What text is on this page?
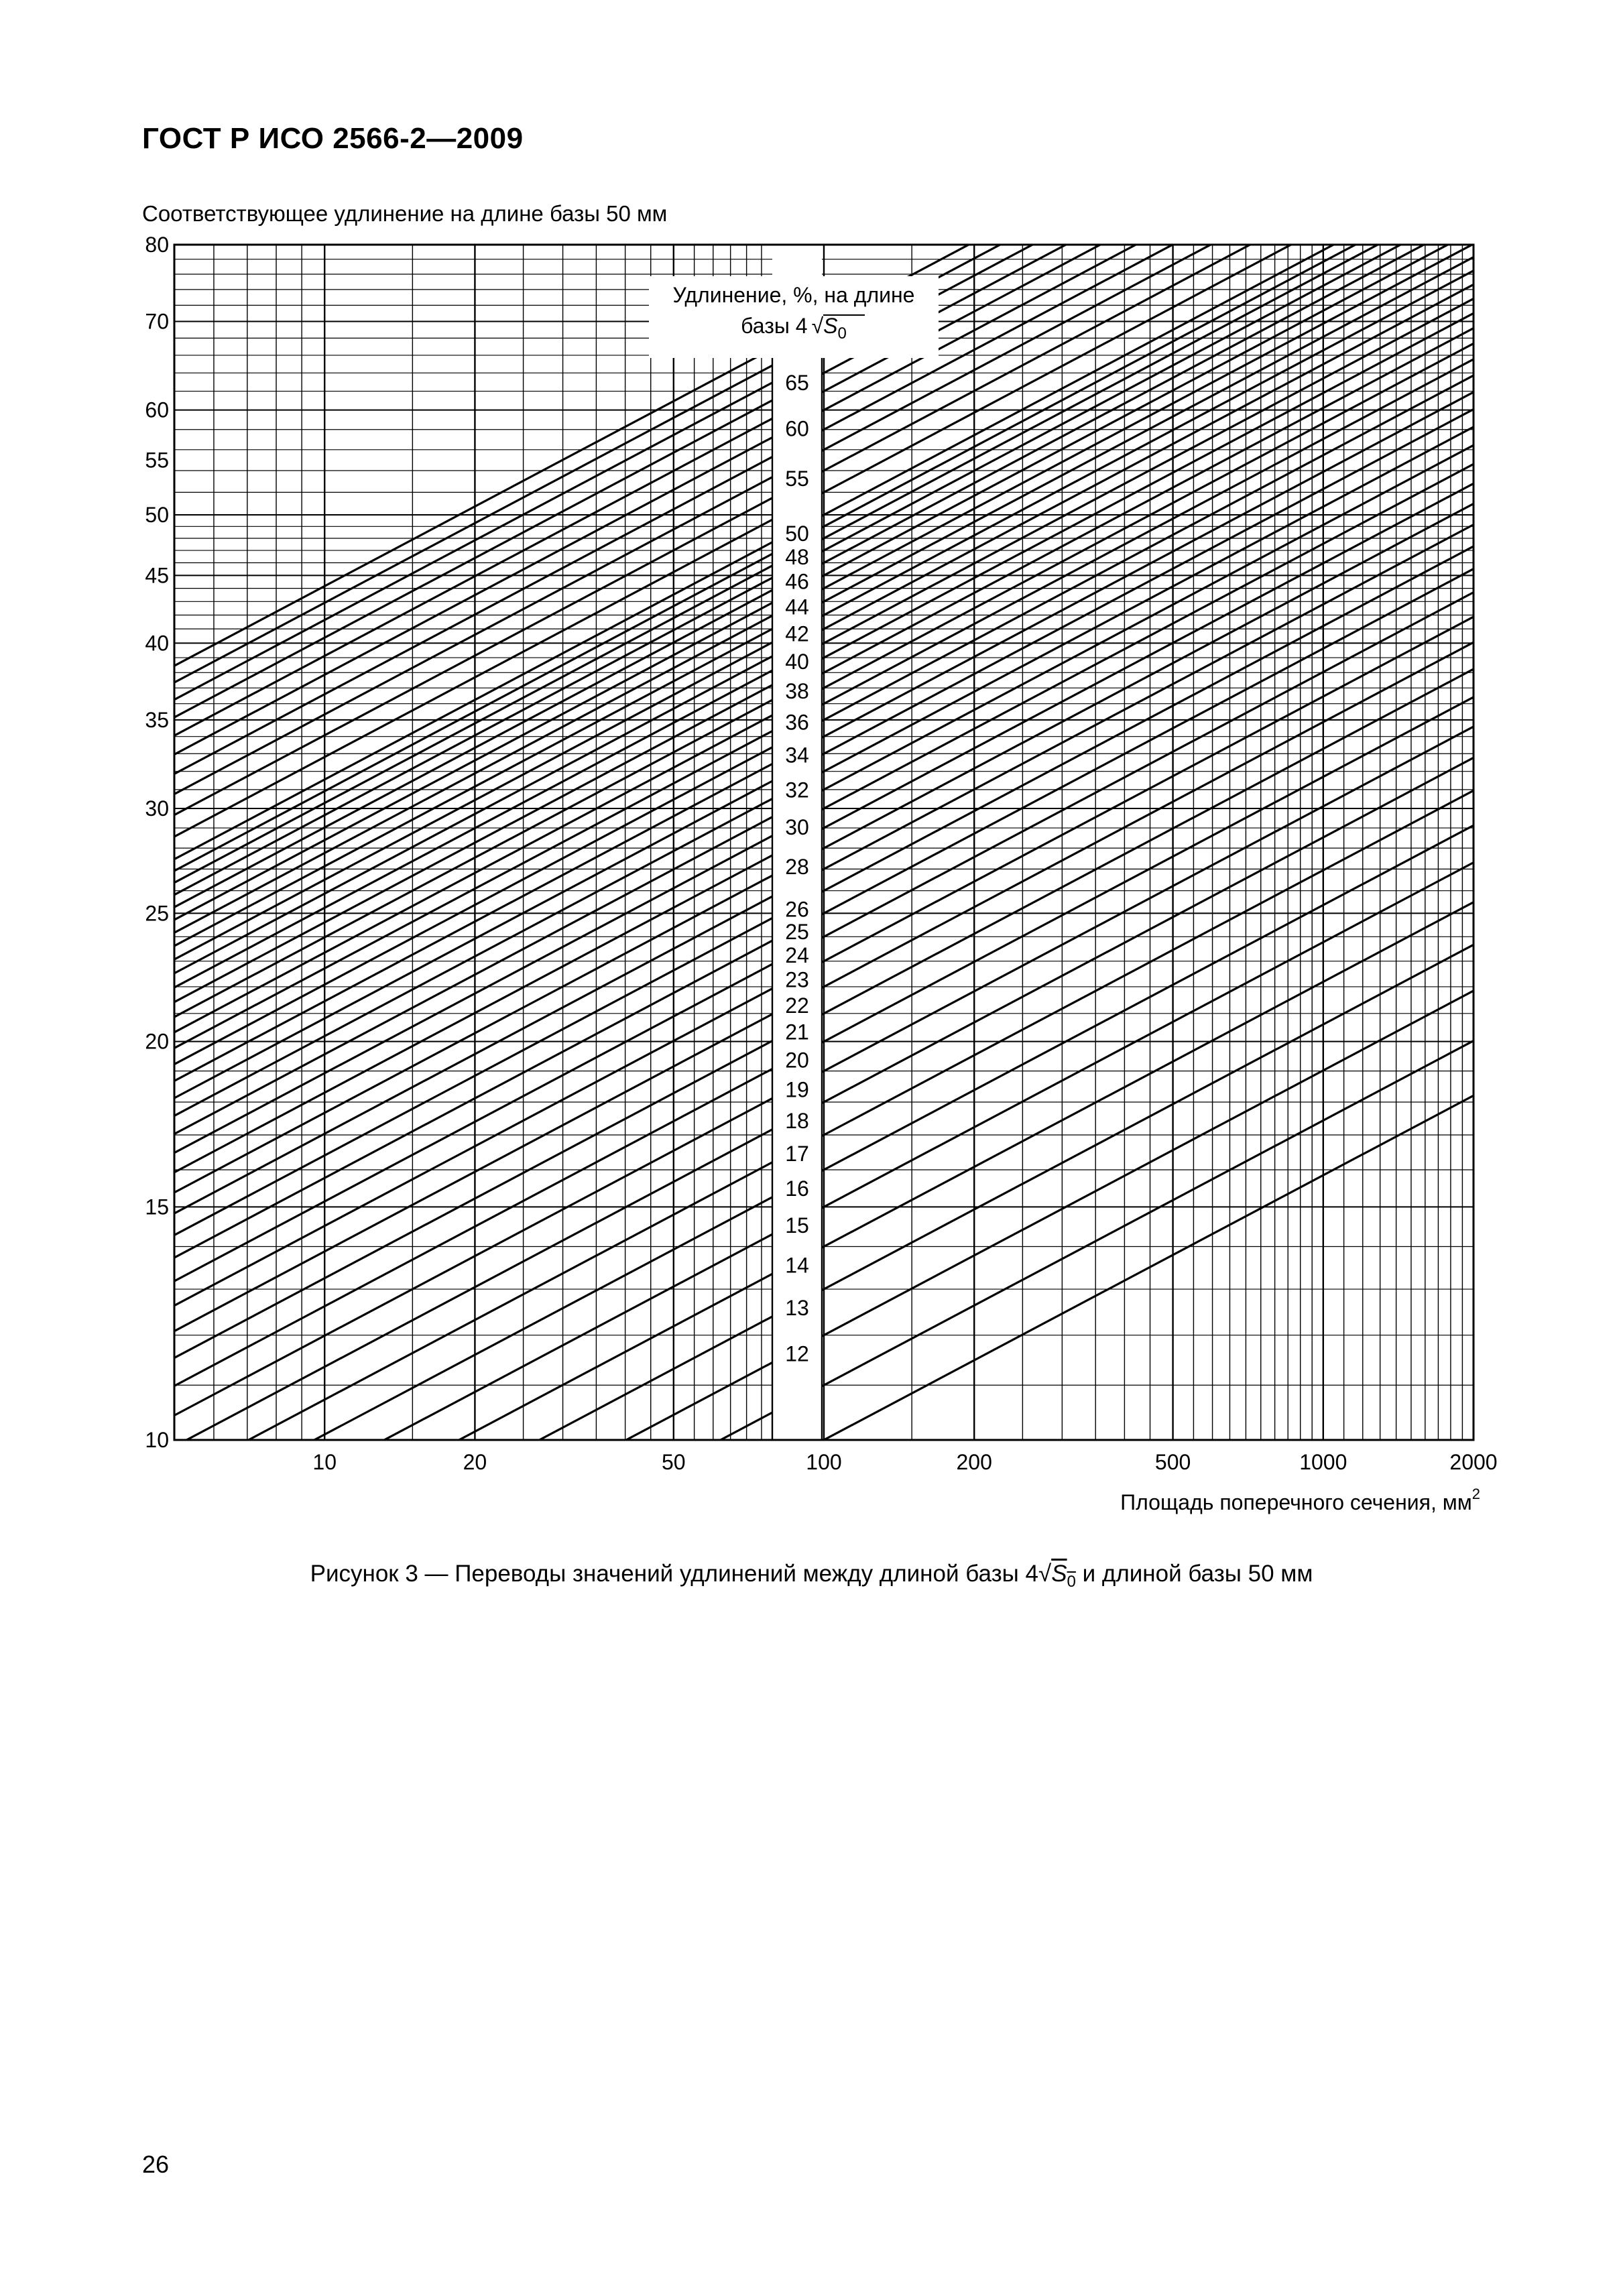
ГОСТ Р ИСО 2566-2—2009
Соответствующее удлинение на длине базы 50 мм
65
60
55
50
48
46
44
42
40
38
36
34
32
30
28
26
25
24
23
22
21
20
19
18
17
16
15
14
13
12
Удлинение, %, на длине
базы 4 $√S_0$
10
15
20
25
30
35
40
45
50
55
60
70
80
10	20	50	100	200	500	1000	2000
Площадь поперечного сечения, $мм^2$
Рисунок 3 — Переводы значений удлинений между длиной базы $4√S_0$ и длиной базы 50 мм
26
